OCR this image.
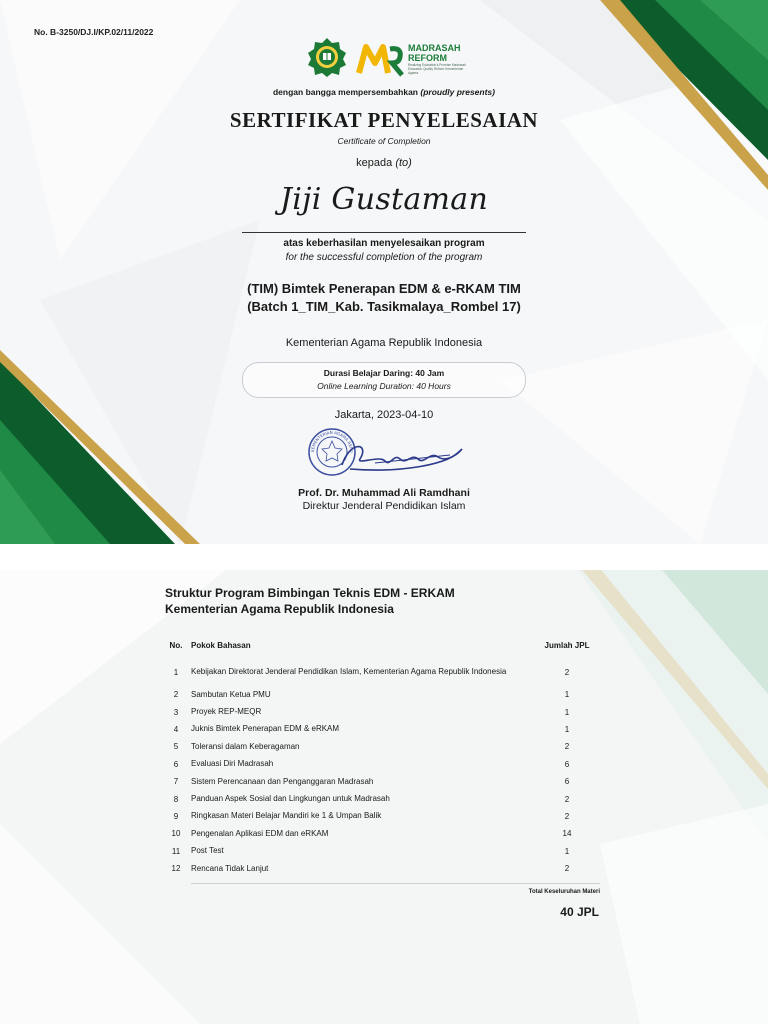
No. B-3250/DJ.I/KP.02/11/2022
MADRASAH
REFORM
Realizing Education's Promise Madrasah Education Quality Reform Kementerian Agama
dengan bangga mempersembahkan (proudly presents)
SERTIFIKAT PENYELESAIAN
Certificate of Completion
kepada (to)
Jiji Gustaman
atas keberhasilan menyelesaikan program
for the successful completion of the program
(TIM) Bimtek Penerapan EDM & e-RKAM TIM
(Batch 1_TIM_Kab. Tasikmalaya_Rombel 17)
Kementerian Agama Republik Indonesia
Durasi Belajar Daring: 40 Jam
Online Learning Duration: 40 Hours
Jakarta, 2023-04-10
KEMENTERIAN AGAMA REPU
Prof. Dr. Muhammad Ali Ramdhani
Direktur Jenderal Pendidikan Islam
Struktur Program Bimbingan Teknis EDM - ERKAM
Kementerian Agama Republik Indonesia
No.	Pokok Bahasan	Jumlah JPL
1	Kebijakan Direktorat Jenderal Pendidikan Islam, Kementerian Agama Republik Indonesia	2
2	Sambutan Ketua PMU	1
3	Proyek REP-MEQR	1
4	Juknis Bimtek Penerapan EDM & eRKAM	1
5	Toleransi dalam Keberagaman	2
6	Evaluasi Diri Madrasah	6
7	Sistem Perencanaan dan Penganggaran Madrasah	6
8	Panduan Aspek Sosial dan Lingkungan untuk Madrasah	2
9	Ringkasan Materi Belajar Mandiri ke 1 & Umpan Balik	2
10	Pengenalan Aplikasi EDM dan eRKAM	14
11	Post Test	1
12	Rencana Tidak Lanjut	2
Total Keseluruhan Materi
40 JPL
